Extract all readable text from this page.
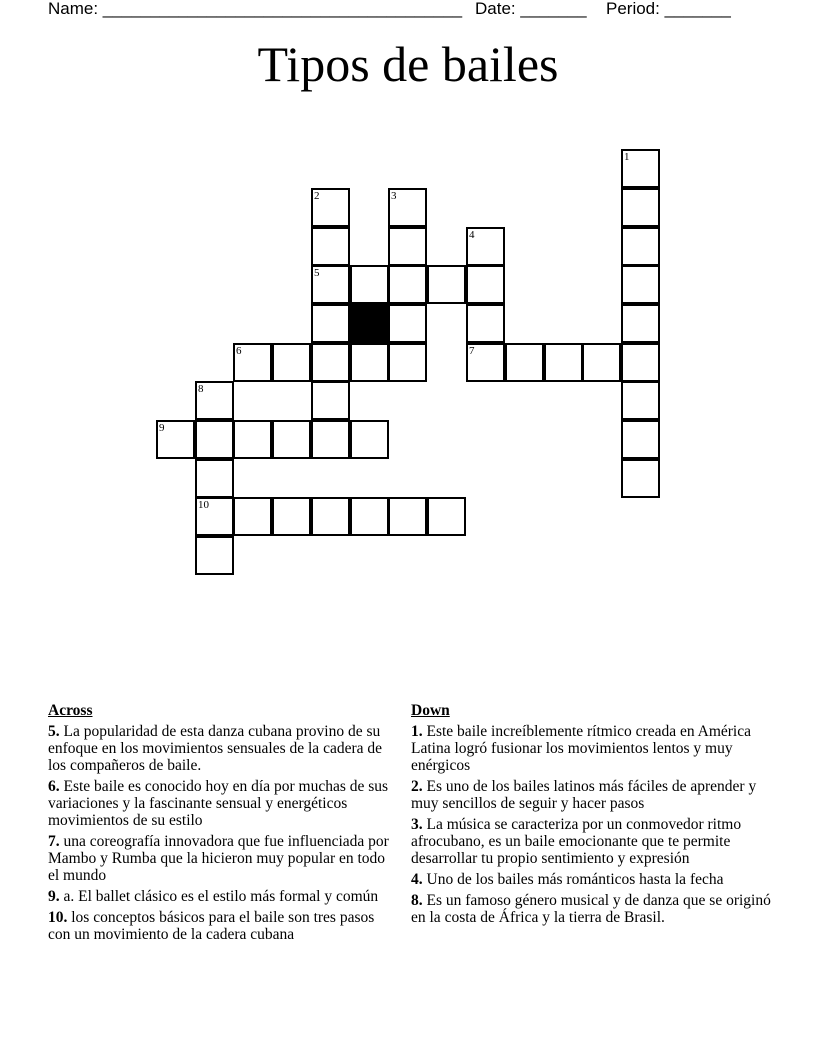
Name: ______________________________________ Date: _______ Period: _______
Tipos de bailes
1
2
5
3
4
7
6
8
10
9
Across
5. La popularidad de esta danza cubana provino de su enfoque en los movimientos sensuales de la cadera de los compañeros de baile.
6. Este baile es conocido hoy en día por muchas de sus variaciones y la fascinante sensual y energéticos movimientos de su estilo
7. una coreografía innovadora que fue influenciada por Mambo y Rumba que la hicieron muy popular en todo el mundo
9. a. El ballet clásico es el estilo más formal y común
10. los conceptos básicos para el baile son tres pasos con un movimiento de la cadera cubana
Down
1. Este baile increíblemente rítmico creada en América Latina logró fusionar los movimientos lentos y muy enérgicos
2. Es uno de los bailes latinos más fáciles de aprender y muy sencillos de seguir y hacer pasos
3. La música se caracteriza por un conmovedor ritmo afrocubano, es un baile emocionante que te permite desarrollar tu propio sentimiento y expresión
4. Uno de los bailes más románticos hasta la fecha
8. Es un famoso género musical y de danza que se originó en la costa de África y la tierra de Brasil.
